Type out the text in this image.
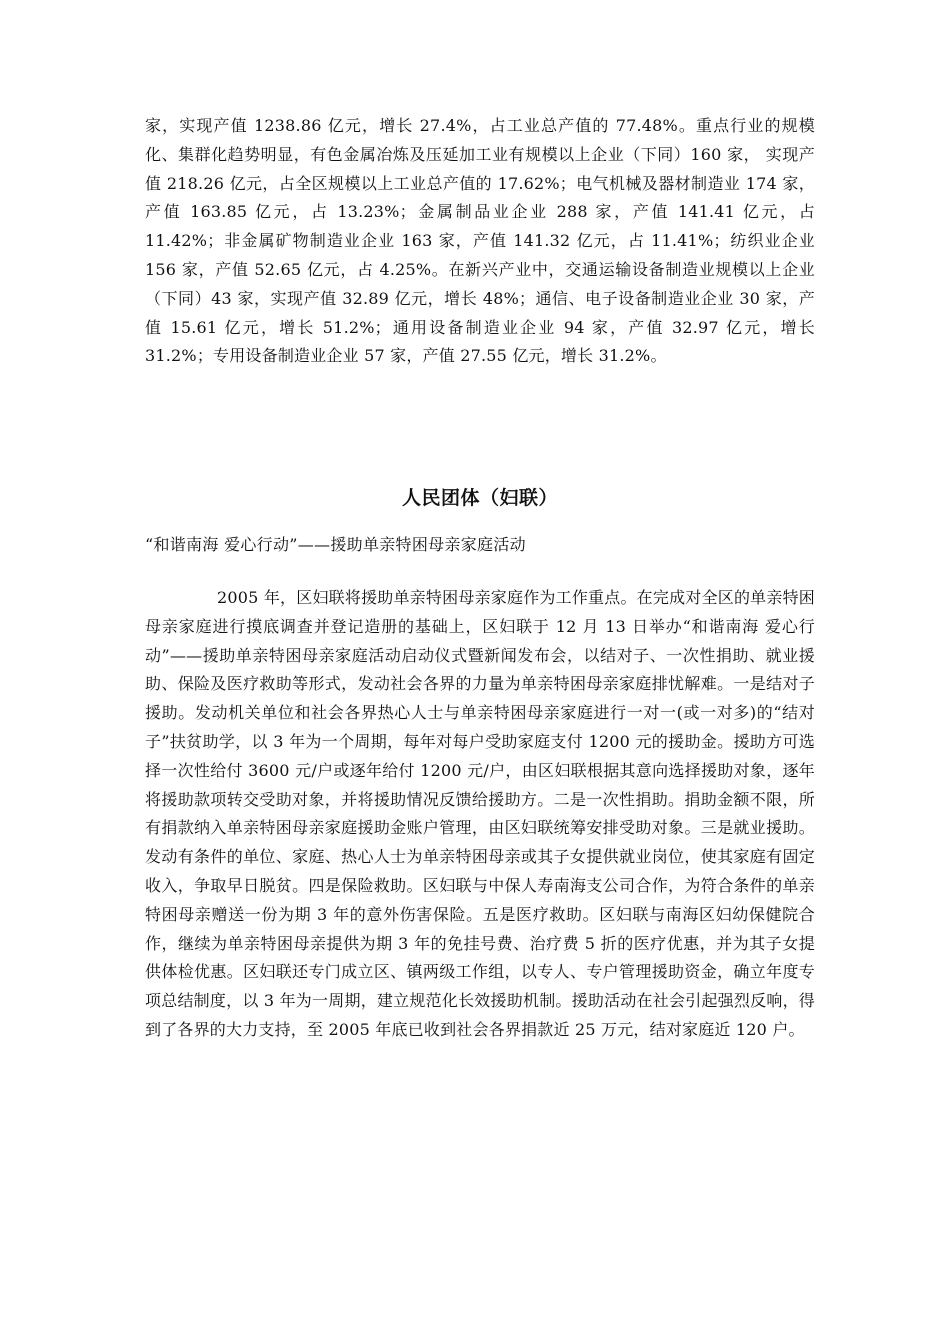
家，实现产值 1238.86 亿元，增长 27.4%，占工业总产值的 77.48%。重点行业的规模化、集群化趋势明显，有色金属冶炼及压延加工业有规模以上企业（下同）160 家， 实现产值 218.26 亿元，占全区规模以上工业总产值的 17.62%；电气机械及器材制造业 174 家，产值 163.85 亿元，占 13.23%；金属制品业企业 288 家，产值 141.41 亿元，占 11.42%；非金属矿物制造业企业 163 家，产值 141.32 亿元，占 11.41%；纺织业企业 156 家，产值 52.65 亿元，占 4.25%。在新兴产业中，交通运输设备制造业规模以上企业（下同）43 家，实现产值 32.89 亿元，增长 48%；通信、电子设备制造业企业 30 家，产值 15.61 亿元，增长 51.2%；通用设备制造业企业 94 家，产值 32.97 亿元，增长 31.2%；专用设备制造业企业 57 家，产值 27.55 亿元，增长 31.2%。

人民团体（妇联）

“和谐南海 爱心行动”——援助单亲特困母亲家庭活动

2005 年，区妇联将援助单亲特困母亲家庭作为工作重点。在完成对全区的单亲特困母亲家庭进行摸底调查并登记造册的基础上，区妇联于 12 月 13 日举办“和谐南海 爱心行动”——援助单亲特困母亲家庭活动启动仪式暨新闻发布会，以结对子、一次性捐助、就业援助、保险及医疗救助等形式，发动社会各界的力量为单亲特困母亲家庭排忧解难。一是结对子援助。发动机关单位和社会各界热心人士与单亲特困母亲家庭进行一对一(或一对多)的“结对子”扶贫助学，以 3 年为一个周期，每年对每户受助家庭支付 1200 元的援助金。援助方可选择一次性给付 3600 元/户或逐年给付 1200 元/户，由区妇联根据其意向选择援助对象，逐年将援助款项转交受助对象，并将援助情况反馈给援助方。二是一次性捐助。捐助金额不限，所有捐款纳入单亲特困母亲家庭援助金账户管理，由区妇联统筹安排受助对象。三是就业援助。发动有条件的单位、家庭、热心人士为单亲特困母亲或其子女提供就业岗位，使其家庭有固定收入，争取早日脱贫。四是保险救助。区妇联与中保人寿南海支公司合作，为符合条件的单亲特困母亲赠送一份为期 3 年的意外伤害保险。五是医疗救助。区妇联与南海区妇幼保健院合作，继续为单亲特困母亲提供为期 3 年的免挂号费、治疗费 5 折的医疗优惠，并为其子女提供体检优惠。区妇联还专门成立区、镇两级工作组，以专人、专户管理援助资金，确立年度专项总结制度，以 3 年为一周期，建立规范化长效援助机制。援助活动在社会引起强烈反响，得到了各界的大力支持，至 2005 年底已收到社会各界捐款近 25 万元，结对家庭近 120 户。
